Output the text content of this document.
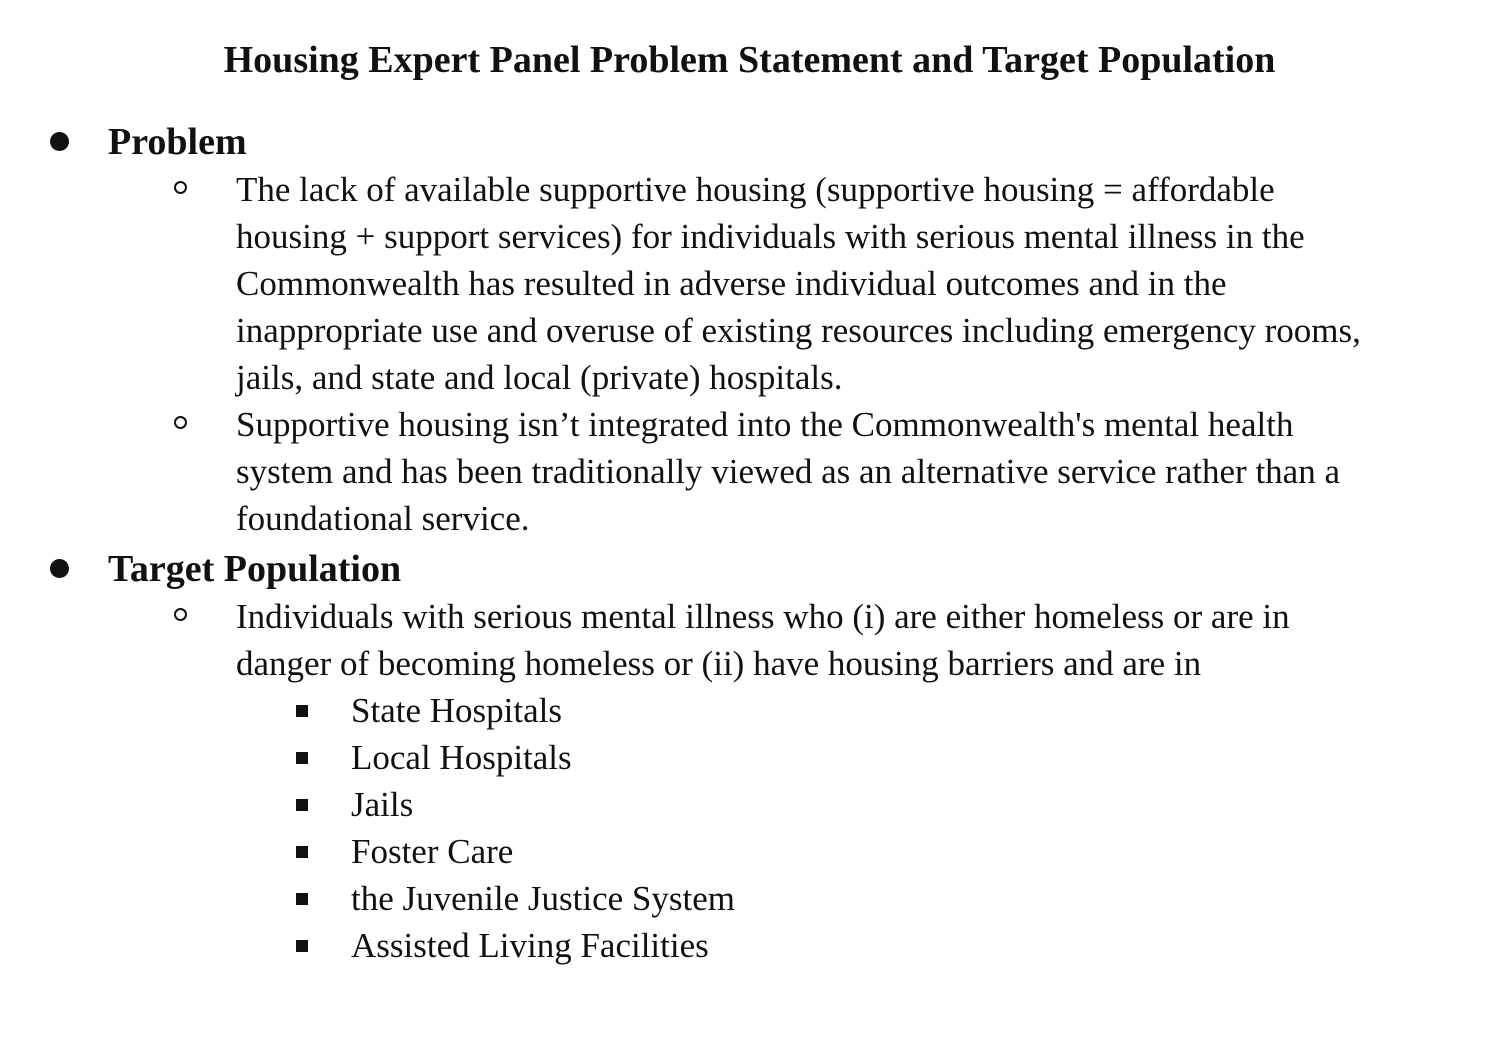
Housing Expert Panel Problem Statement and Target Population
Problem
The lack of available supportive housing (supportive housing = affordable
housing + support services) for individuals with serious mental illness in the
Commonwealth has resulted in adverse individual outcomes and in the
inappropriate use and overuse of existing resources including emergency rooms,
jails, and state and local (private) hospitals.
Supportive housing isn’t integrated into the Commonwealth's mental health
system and has been traditionally viewed as an alternative service rather than a
foundational service.
Target Population
Individuals with serious mental illness who (i) are either homeless or are in
danger of becoming homeless or (ii) have housing barriers and are in
State Hospitals
Local Hospitals
Jails
Foster Care
the Juvenile Justice System
Assisted Living Facilities
